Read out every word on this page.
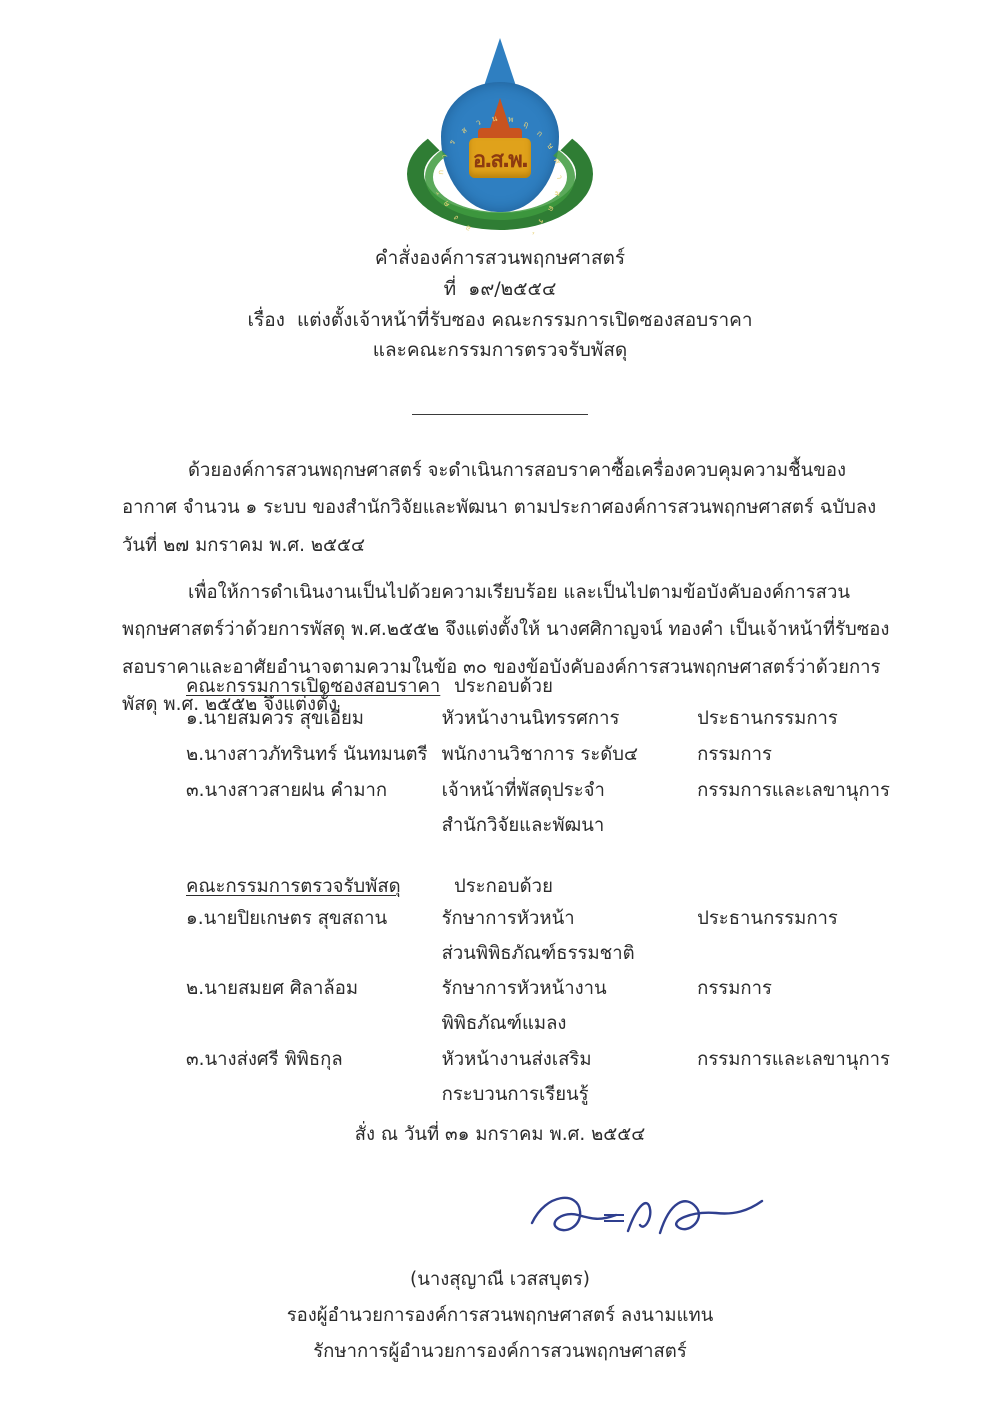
อ.ส.พ.
อ
ง
ค
์
ก
า
ร
ส
ว น พ ฤ
ก
ษ
ศ
า
ส
ต
ร
์
คำสั่งองค์การสวนพฤกษศาสตร์
ที่  ๑๙/๒๕๕๔
เรื่อง  แต่งตั้งเจ้าหน้าที่รับซอง คณะกรรมการเปิดซองสอบราคา
และคณะกรรมการตรวจรับพัสดุ

ด้วยองค์การสวนพฤกษศาสตร์ จะดำเนินการสอบราคาซื้อเครื่องควบคุมความชื้นของอากาศ จำนวน ๑ ระบบ ของสำนักวิจัยและพัฒนา ตามประกาศองค์การสวนพฤกษศาสตร์ ฉบับลงวันที่ ๒๗ มกราคม พ.ศ. ๒๕๕๔

เพื่อให้การดำเนินงานเป็นไปด้วยความเรียบร้อย และเป็นไปตามข้อบังคับองค์การสวนพฤกษศาสตร์ว่าด้วยการพัสดุ พ.ศ.๒๕๕๒ จึงแต่งตั้งให้ นางศศิกาญจน์ ทองคำ เป็นเจ้าหน้าที่รับซองสอบราคาและอาศัยอำนาจตามความในข้อ ๓๐ ของข้อบังคับองค์การสวนพฤกษศาสตร์ว่าด้วยการพัสดุ พ.ศ. ๒๕๕๒ จึงแต่งตั้ง

คณะกรรมการเปิดซองสอบราคา ประกอบด้วย
๑.นายสมควร สุขเอี่ยม	หัวหน้างานนิทรรศการ	ประธานกรรมการ
๒.นางสาวภัทรินทร์ นันทมนตรี พนักงานวิชาการ ระดับ๔	กรรมการ
๓.นางสาวสายฝน คำมาก	เจ้าหน้าที่พัสดุประจำ	กรรมการและเลขานุการ
สำนักวิจัยและพัฒนา
คณะกรรมการตรวจรับพัสดุ	ประกอบด้วย
๑.นายปิยเกษตร สุขสถาน	รักษาการหัวหน้า	ประธานกรรมการ
ส่วนพิพิธภัณฑ์ธรรมชาติ
๒.นายสมยศ ศิลาล้อม	รักษาการหัวหน้างาน	กรรมการ
พิพิธภัณฑ์แมลง
๓.นางส่งศรี พิพิธกุล	หัวหน้างานส่งเสริม	กรรมการและเลขานุการ
กระบวนการเรียนรู้
สั่ง ณ วันที่ ๓๑ มกราคม พ.ศ. ๒๕๕๔
(นางสุญาณี เวสสบุตร)
รองผู้อำนวยการองค์การสวนพฤกษศาสตร์ ลงนามแทน
รักษาการผู้อำนวยการองค์การสวนพฤกษศาสตร์
